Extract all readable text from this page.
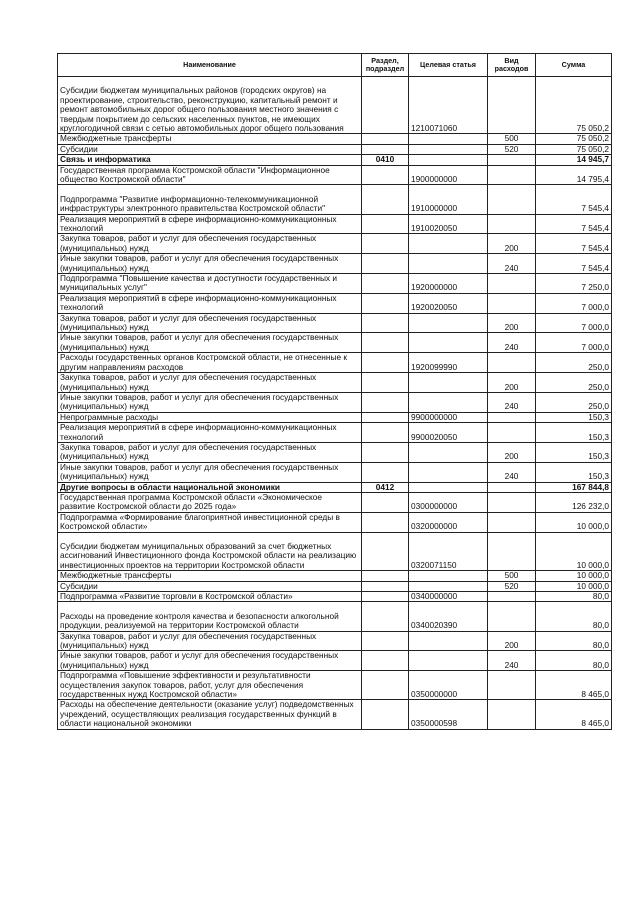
Наименование	Раздел, подраздел	Целевая статья	Вид расходов	Сумма
Субсидии бюджетам муниципальных районов (городских округов) на проектирование, строительство, реконструкцию, капитальный ремонт и ремонт автомобильных дорог общего пользования местного значения с твердым покрытием до сельских населенных пунктов, не имеющих круглогодичной связи с сетью автомобильных дорог общего пользования		1210071060		75 050,2
Межбюджетные трансферты			500	75 050,2
Субсидии			520	75 050,2
Связь и информатика	0410			14 945,7
Государственная программа Костромской области "Информационное общество Костромской области"		1900000000		14 795,4
Подпрограмма "Развитие информационно-телекоммуникационной инфраструктуры электронного правительства Костромской области"		1910000000		7 545,4
Реализация мероприятий в сфере информационно-коммуникационных технологий		1910020050		7 545,4
Закупка товаров, работ и услуг для обеспечения государственных (муниципальных) нужд			200	7 545,4
Иные закупки товаров, работ и услуг для обеспечения государственных (муниципальных) нужд			240	7 545,4
Подпрограмма "Повышение качества и доступности государственных и муниципальных услуг"		1920000000		7 250,0
Реализация мероприятий в сфере информационно-коммуникационных технологий		1920020050		7 000,0
Закупка товаров, работ и услуг для обеспечения государственных (муниципальных) нужд			200	7 000,0
Иные закупки товаров, работ и услуг для обеспечения государственных (муниципальных) нужд			240	7 000,0
Расходы государственных органов Костромской области, не отнесенные к другим направлениям расходов		1920099990		250,0
Закупка товаров, работ и услуг для обеспечения государственных (муниципальных) нужд			200	250,0
Иные закупки товаров, работ и услуг для обеспечения государственных (муниципальных) нужд			240	250,0
Непрограммные расходы		9900000000		150,3
Реализация мероприятий в сфере информационно-коммуникационных технологий		9900020050		150,3
Закупка товаров, работ и услуг для обеспечения государственных (муниципальных) нужд			200	150,3
Иные закупки товаров, работ и услуг для обеспечения государственных (муниципальных) нужд			240	150,3
Другие вопросы в области национальной экономики	0412			167 844,8
Государственная программа Костромской области «Экономическое развитие Костромской области до 2025 года»		0300000000		126 232,0
Подпрограмма «Формирование благоприятной инвестиционной среды в Костромской области»		0320000000		10 000,0
Субсидии бюджетам муниципальных образований за счет бюджетных ассигнований Инвестиционного фонда Костромской области на реализацию инвестиционных проектов на территории Костромской области		0320071150		10 000,0
Межбюджетные трансферты			500	10 000,0
Субсидии			520	10 000,0
Подпрограмма «Развитие торговли в Костромской области»		0340000000		80,0
Расходы на проведение контроля качества и безопасности алкогольной продукции, реализуемой на территории Костромской области		0340020390		80,0
Закупка товаров, работ и услуг для обеспечения государственных (муниципальных) нужд			200	80,0
Иные закупки товаров, работ и услуг для обеспечения государственных (муниципальных) нужд			240	80,0
Подпрограмма «Повышение эффективности и результативности осуществления закупок товаров, работ, услуг для обеспечения государственных нужд Костромской области»		0350000000		8 465,0
Расходы на обеспечение деятельности (оказание услуг) подведомственных учреждений, осуществляющих реализация государственных функций в области национальной экономики		0350000598		8 465,0
